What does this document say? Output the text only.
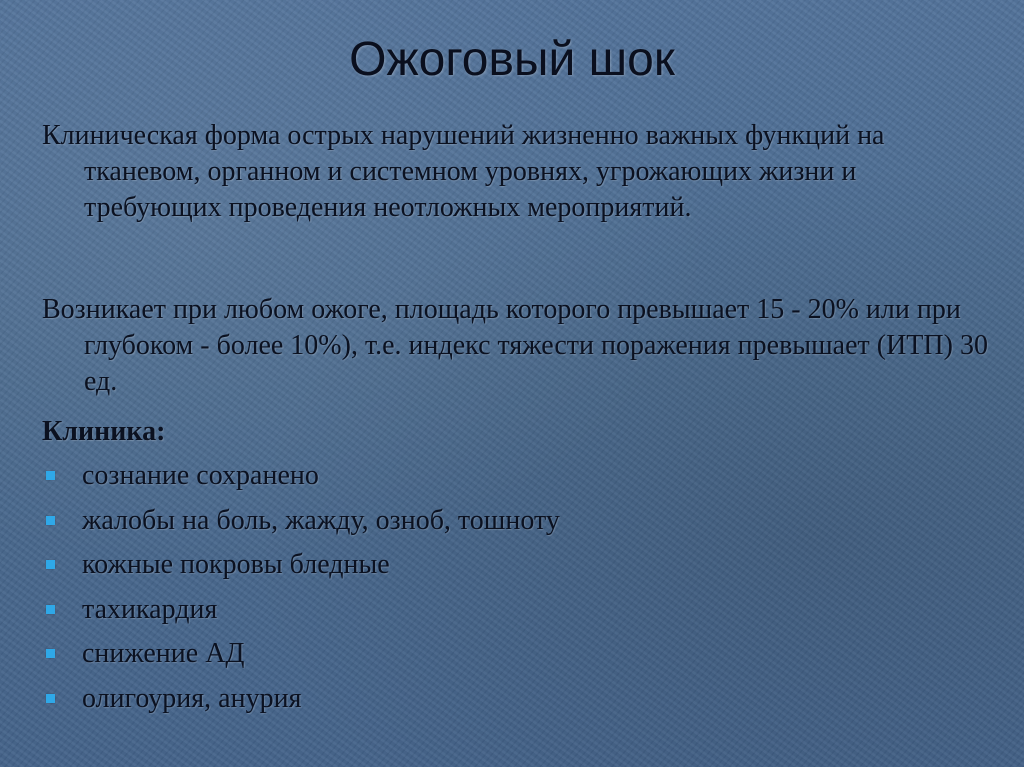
Ожоговый шок
Клиническая форма острых нарушений жизненно важных функций на тканевом, органном и системном уровнях, угрожающих жизни и требующих проведения неотложных мероприятий.
Возникает при любом ожоге, площадь которого превышает 15 - 20% или при глубоком - более 10%), т.е. индекс тяжести поражения превышает (ИТП) 30 ед.
Клиника:
сознание сохранено
жалобы на боль, жажду, озноб, тошноту
кожные покровы бледные
тахикардия
снижение АД
олигоурия, анурия
